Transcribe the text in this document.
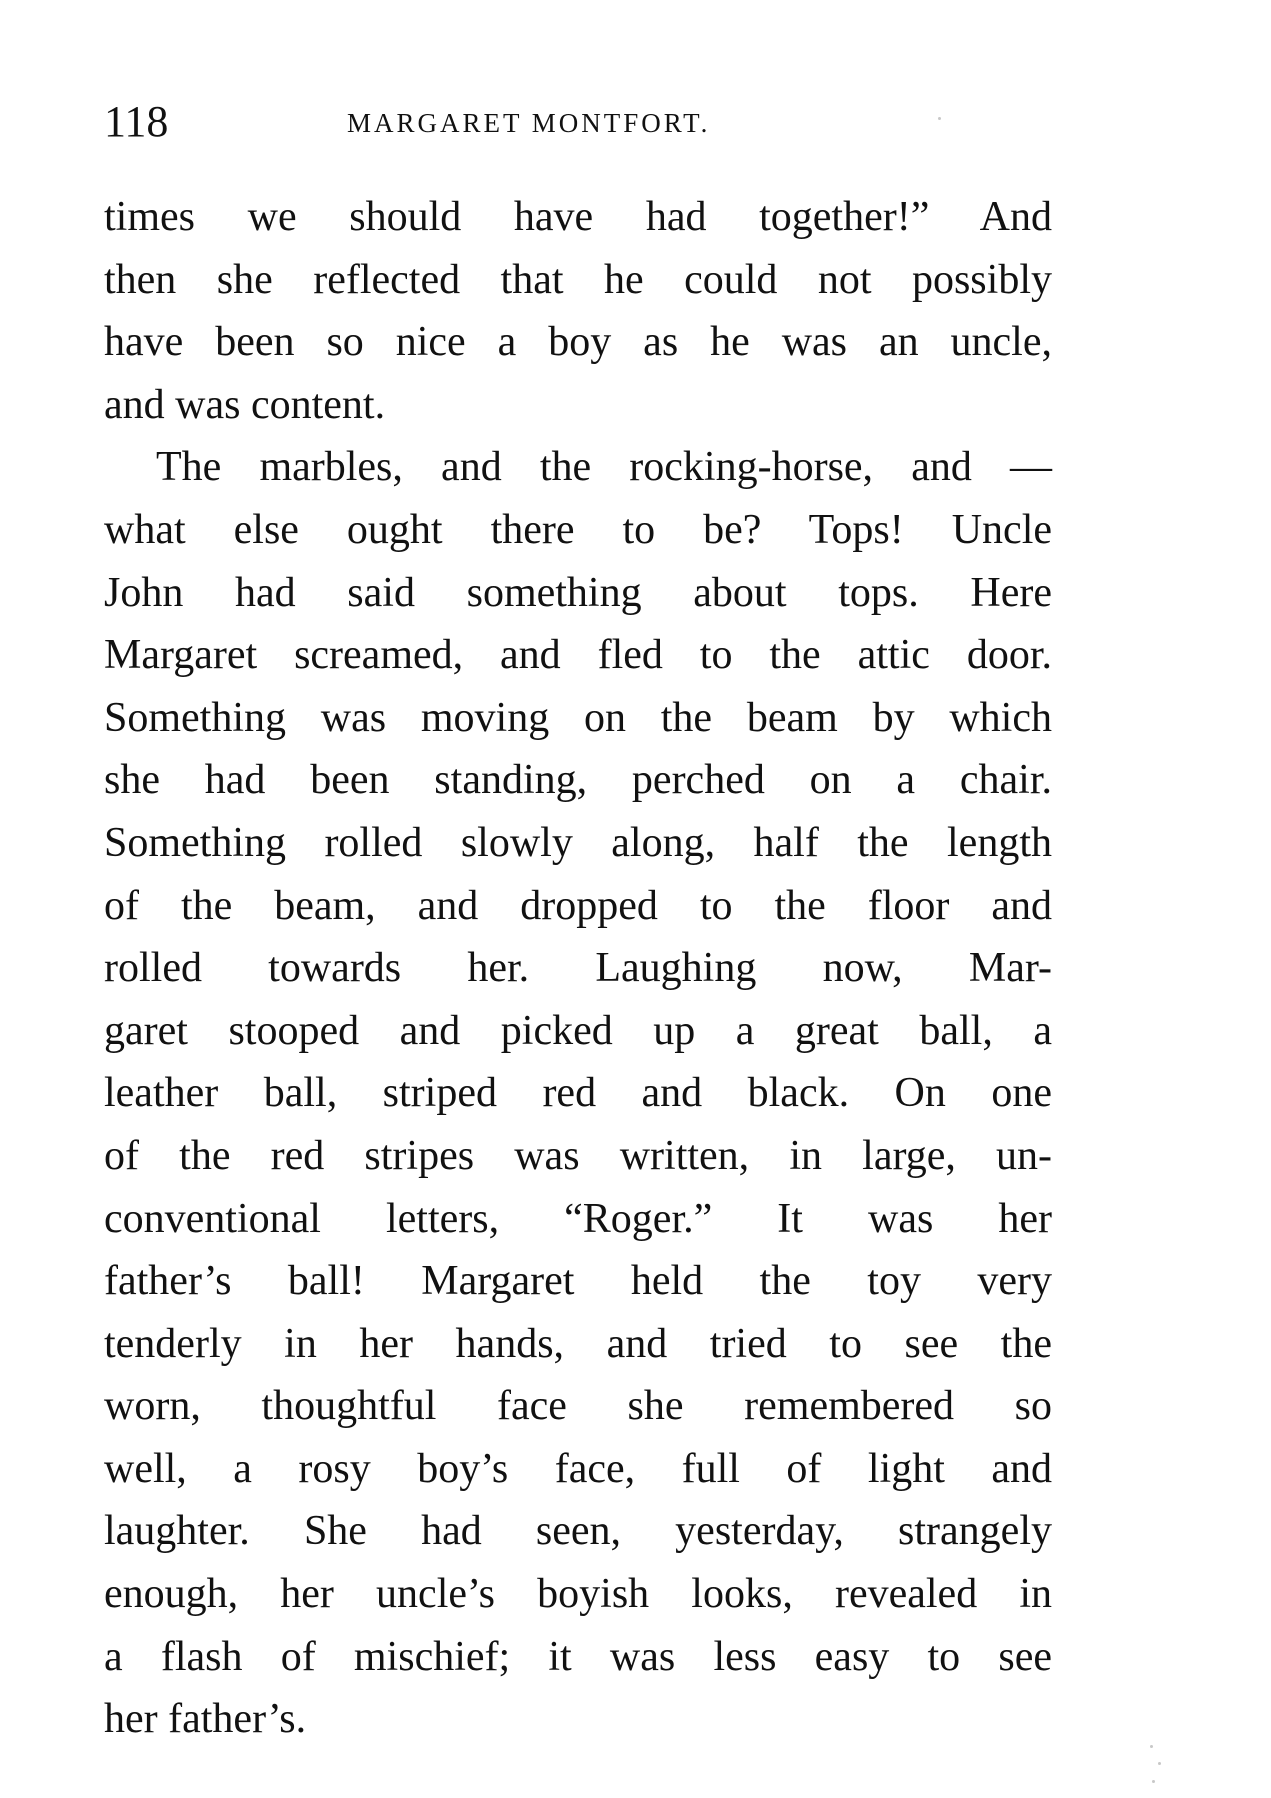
118	MARGARET MONTFORT.
times we should have had together!” And
then she reflected that he could not possibly
have been so nice a boy as he was an uncle,
and was content.
The marbles, and the rocking-horse, and —
what else ought there to be? Tops! Uncle
John had said something about tops. Here
Margaret screamed, and fled to the attic door.
Something was moving on the beam by which
she had been standing, perched on a chair.
Something rolled slowly along, half the length
of the beam, and dropped to the floor and
rolled towards her. Laughing now, Mar-
garet stooped and picked up a great ball, a
leather ball, striped red and black. On one
of the red stripes was written, in large, un-
conventional letters, “Roger.” It was her
father’s ball! Margaret held the toy very
tenderly in her hands, and tried to see the
worn, thoughtful face she remembered so
well, a rosy boy’s face, full of light and
laughter. She had seen, yesterday, strangely
enough, her uncle’s boyish looks, revealed in
a flash of mischief; it was less easy to see
her father’s.
